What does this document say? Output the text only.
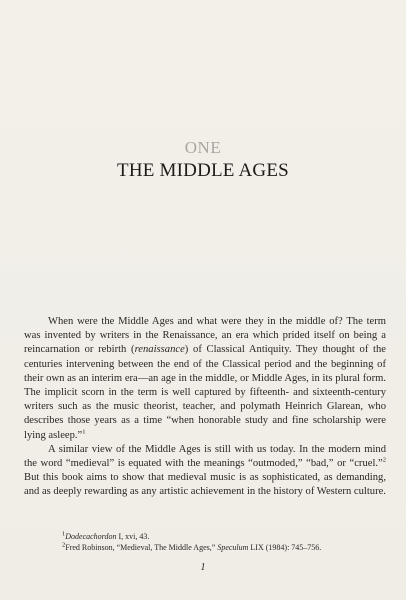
ONE
THE MIDDLE AGES

When were the Middle Ages and what were they in the middle of? The term was invented by writers in the Renaissance, an era which prided itself on being a reincarnation or rebirth (renaissance) of Classical Antiquity. They thought of the centuries intervening between the end of the Classical period and the beginning of their own as an interim era—an age in the middle, or Middle Ages, in its plural form. The implicit scorn in the term is well captured by fifteenth- and sixteenth-century writers such as the music theorist, teacher, and polymath Heinrich Glarean, who describes those years as a time “when honorable study and fine scholarship were lying asleep.”$^1$

A similar view of the Middle Ages is still with us today. In the modern mind the word “medieval” is equated with the meanings “outmoded,” “bad,” or “cruel.”$^2$ But this book aims to show that medieval music is as sophisticated, as demanding, and as deeply rewarding as any artistic achievement in the history of Western culture.

$^1$Dodecachordon I, xvi, 43.

$^2$Fred Robinson, “Medieval, The Middle Ages,” Speculum LIX (1984): 745–756.

1
